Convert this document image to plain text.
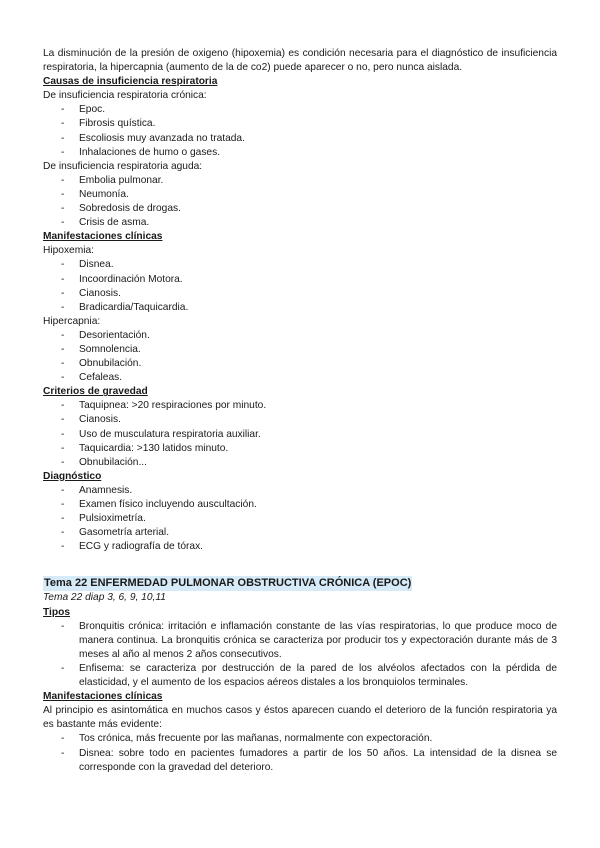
La disminución de la presión de oxigeno (hipoxemia) es condición necesaria para el diagnóstico de insuficiencia respiratoria, la hipercapnia (aumento de la de co2) puede aparecer o no, pero nunca aislada.

Causas de insuficiencia respiratoria

De insuficiencia respiratoria crónica:

- Epoc.
- Fibrosis quística.
- Escoliosis muy avanzada no tratada.
- Inhalaciones de humo o gases.

De insuficiencia respiratoria aguda:

- Embolia pulmonar.
- Neumonía.
- Sobredosis de drogas.
- Crisis de asma.

Manifestaciones clínicas

Hipoxemia:

- Disnea.
- Incoordinación Motora.
- Cianosis.
- Bradicardia/Taquicardia.

Hipercapnia:

- Desorientación.
- Somnolencia.
- Obnubilación.
- Cefaleas.

Criterios de gravedad

- Taquipnea: >20 respiraciones por minuto.
- Cianosis.
- Uso de musculatura respiratoria auxiliar.
- Taquicardia: >130 latidos minuto.
- Obnubilación...

Diagnóstico

- Anamnesis.
- Examen físico incluyendo auscultación.
- Pulsioximetría.
- Gasometría arterial.
- ECG y radiografía de tórax.
Tema 22 ENFERMEDAD PULMONAR OBSTRUCTIVA CRÓNICA (EPOC)

Tema 22 diap 3, 6, 9, 10,11

Tipos

- Bronquitis crónica: irritación e inflamación constante de las vías respiratorias, lo que produce moco de manera continua. La bronquitis crónica se caracteriza por producir tos y expectoración durante más de 3 meses al año al menos 2 años consecutivos.
- Enfisema: se caracteriza por destrucción de la pared de los alvéolos afectados con la pérdida de elasticidad, y el aumento de los espacios aéreos distales a los bronquiolos terminales.

Manifestaciones clínicas

Al principio es asintomática en muchos casos y éstos aparecen cuando el deterioro de la función respiratoria ya es bastante más evidente:

- Tos crónica, más frecuente por las mañanas, normalmente con expectoración.
- Disnea: sobre todo en pacientes fumadores a partir de los 50 años. La intensidad de la disnea se corresponde con la gravedad del deterioro.
